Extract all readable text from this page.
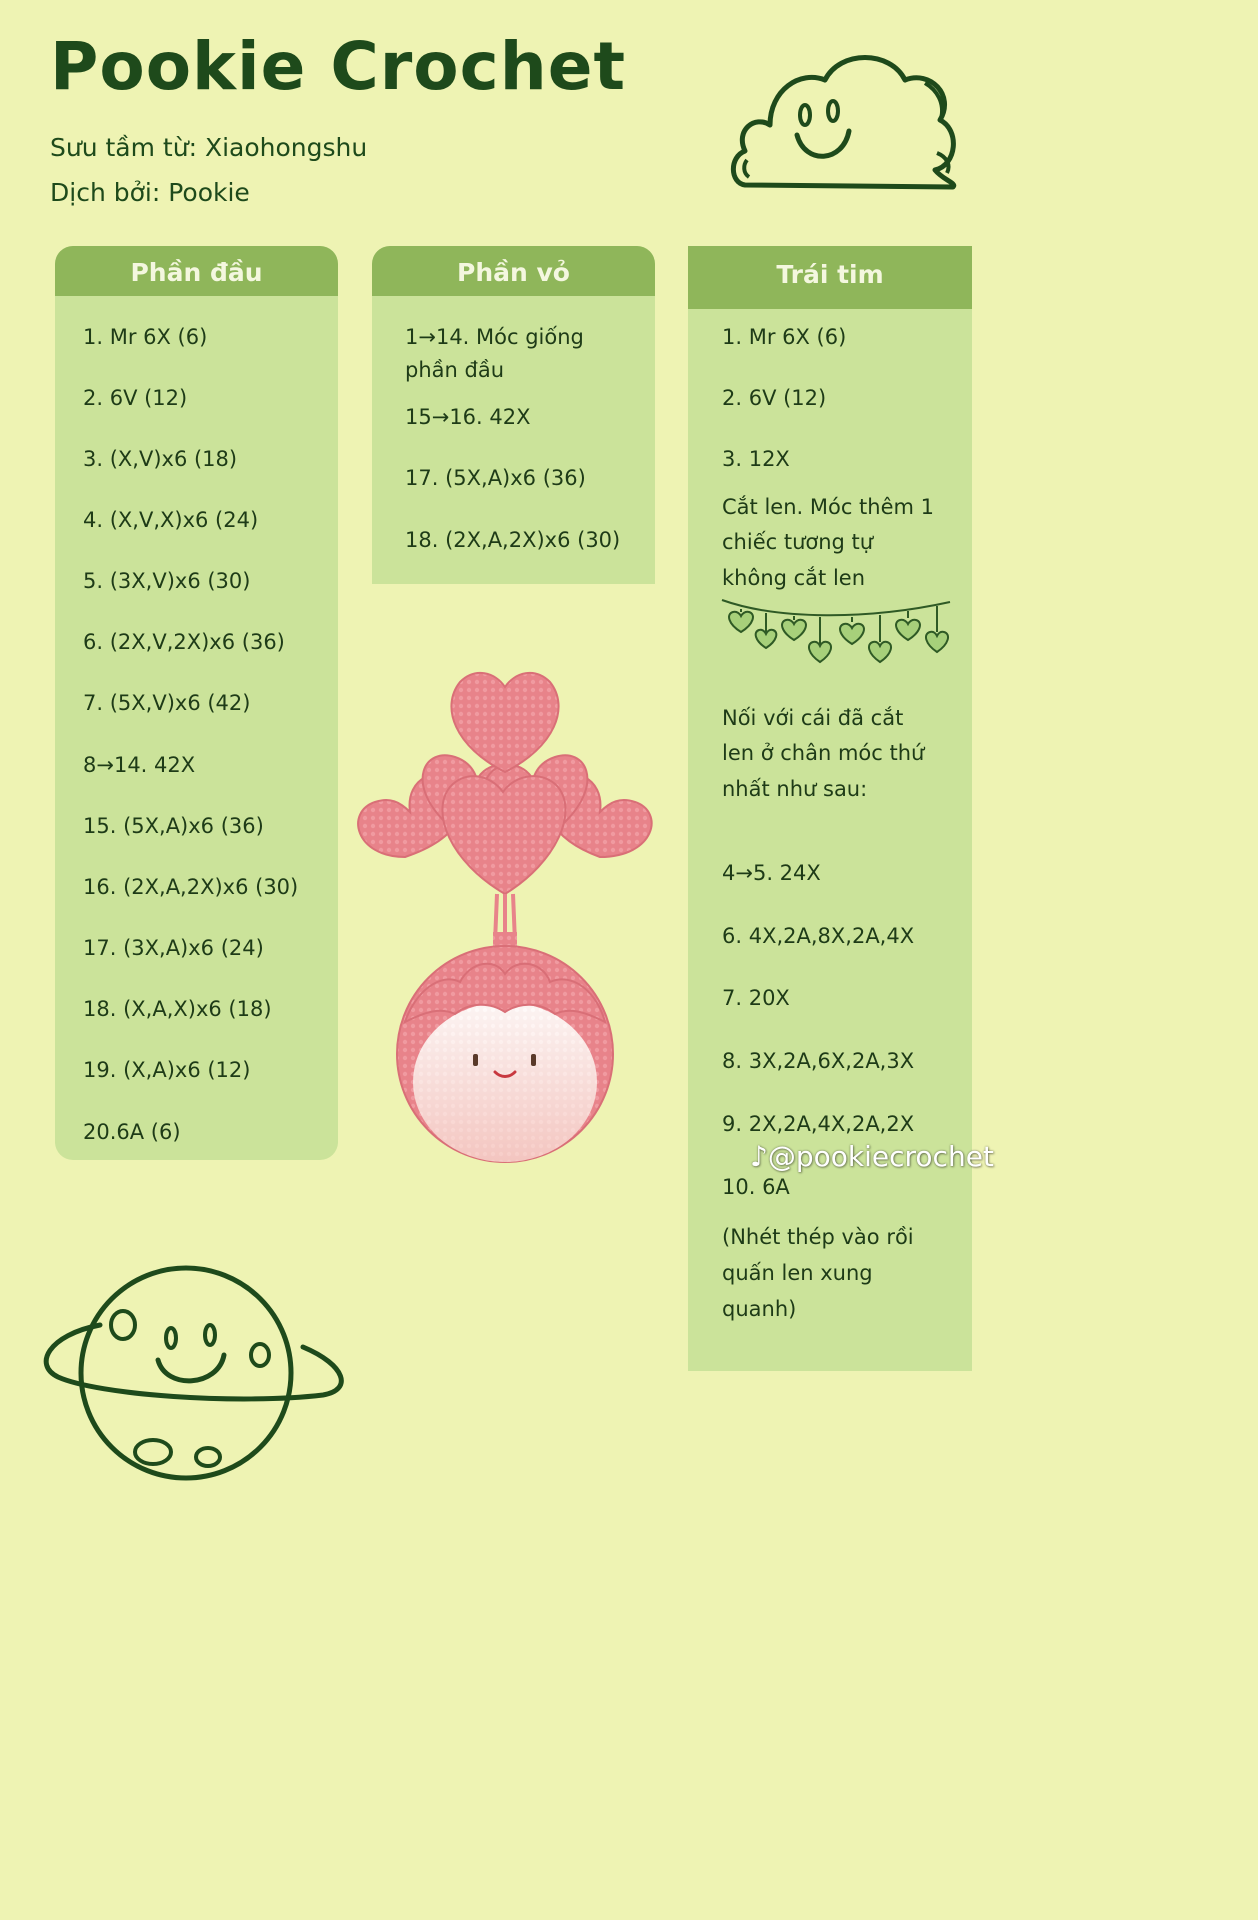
Pookie Crochet
Sưu tầm từ: Xiaohongshu
Dịch bởi: Pookie
Phần đầu
1. Mr 6X (6)
2. 6V (12)
3. (X,V)x6 (18)
4. (X,V,X)x6 (24)
5. (3X,V)x6 (30)
6. (2X,V,2X)x6 (36)
7. (5X,V)x6 (42)
8→14. 42X
15. (5X,A)x6 (36)
16. (2X,A,2X)x6 (30)
17. (3X,A)x6 (24)
18. (X,A,X)x6 (18)
19. (X,A)x6 (12)
20.6A (6)
Phần vỏ
1→14. Móc giống
phần đầu
15→16. 42X
17. (5X,A)x6 (36)
18. (2X,A,2X)x6 (30)
Trái tim
1. Mr 6X (6)
2. 6V (12)
3. 12X
Cắt len. Móc thêm 1
chiếc tương tự
không cắt len
Nối với cái đã cắt
len ở chân móc thứ
nhất như sau:
4→5. 24X
6. 4X,2A,8X,2A,4X
7. 20X
8. 3X,2A,6X,2A,3X
9. 2X,2A,4X,2A,2X
10. 6A
(Nhét thép vào rồi
quấn len xung
quanh)
♪@pookiecrochet
